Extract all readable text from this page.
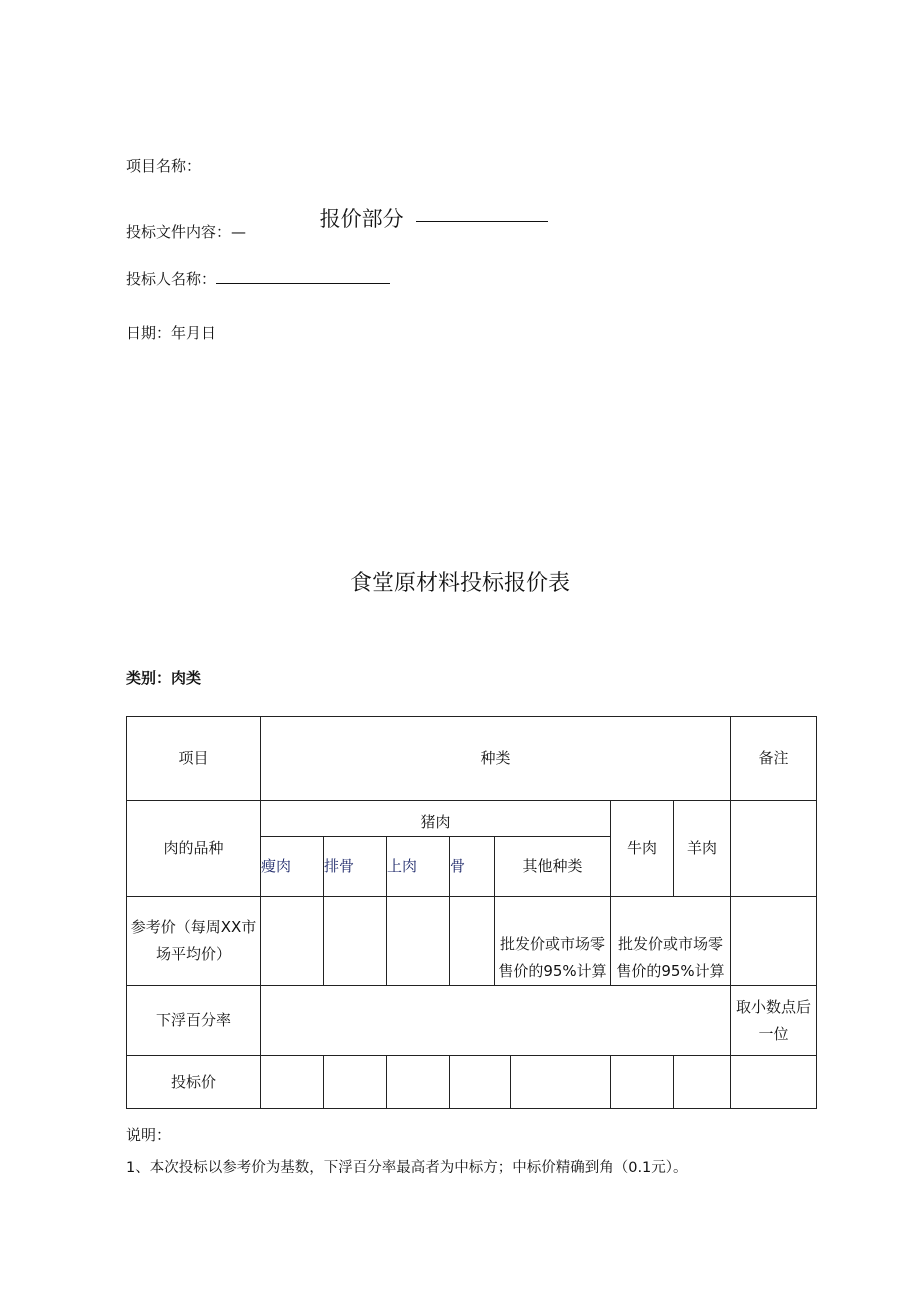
项目名称：
投标文件内容：—  报价部分
投标人名称：
日期：年月日
食堂原材料投标报价表
类别：肉类
项目	种类								备注
肉的品种	猪肉						牛肉	羊肉	
	瘦肉	排骨	上肉	骨	其他种类				
参考价（每周XX市场平均价）					批发价或市场零售价的95%计算		批发价或市场零售价的95%计算		
下浮百分率									取小数点后一位
投标价									
说明：
1、本次投标以参考价为基数，下浮百分率最高者为中标方；中标价精确到角（0.1元）。
